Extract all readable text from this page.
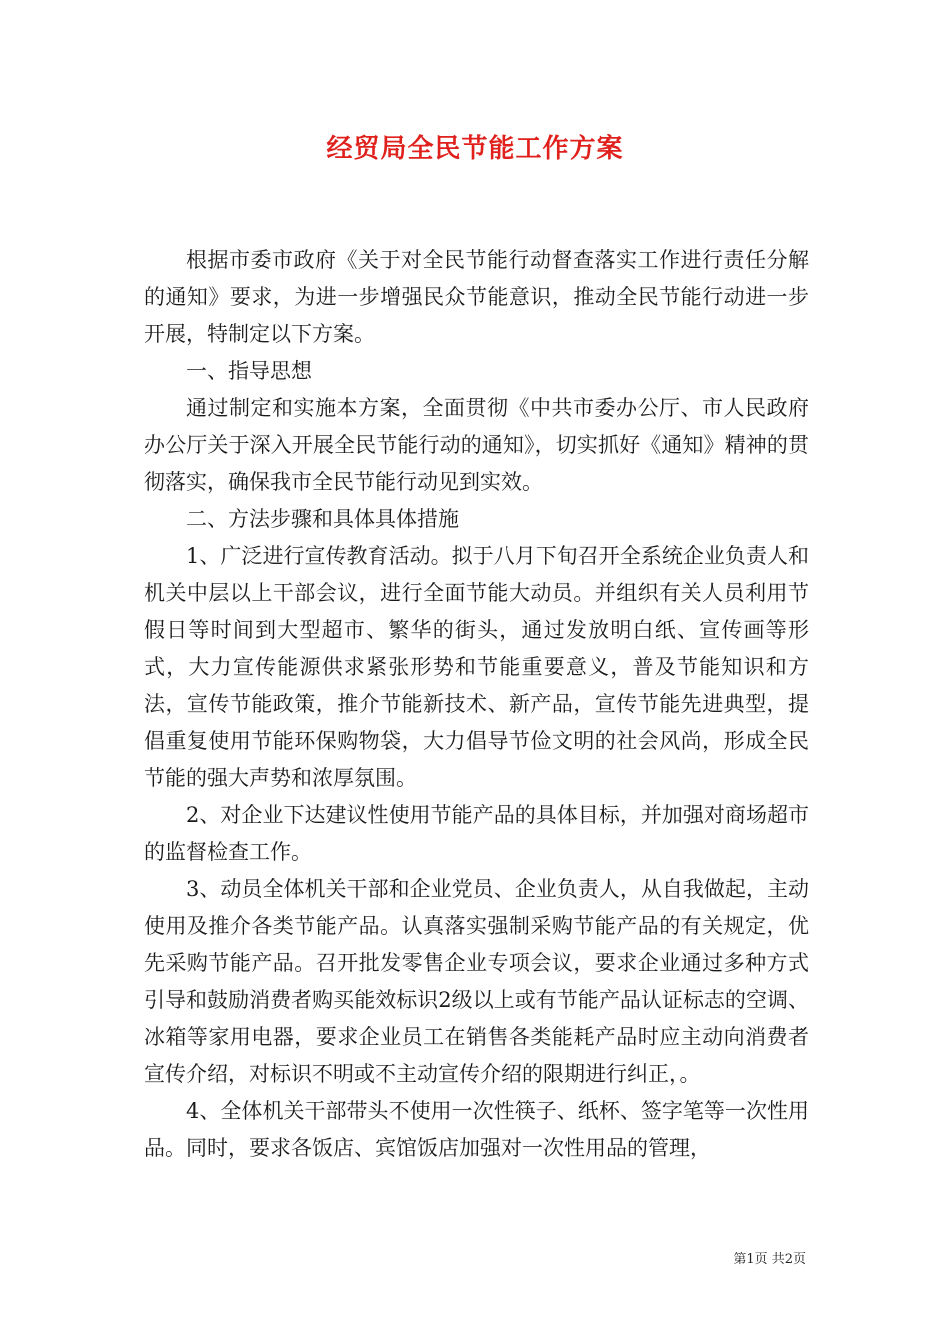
经贸局全民节能工作方案

根据市委市政府《关于对全民节能行动督查落实工作进行责任分解的通知》要求，为进一步增强民众节能意识，推动全民节能行动进一步开展，特制定以下方案。

一、指导思想

通过制定和实施本方案，全面贯彻《中共市委办公厅、市人民政府办公厅关于深入开展全民节能行动的通知》，切实抓好《通知》精神的贯彻落实，确保我市全民节能行动见到实效。

二、方法步骤和具体具体措施

1、广泛进行宣传教育活动。拟于八月下旬召开全系统企业负责人和机关中层以上干部会议，进行全面节能大动员。并组织有关人员利用节假日等时间到大型超市、繁华的街头，通过发放明白纸、宣传画等形式，大力宣传能源供求紧张形势和节能重要意义，普及节能知识和方法，宣传节能政策，推介节能新技术、新产品，宣传节能先进典型，提倡重复使用节能环保购物袋，大力倡导节俭文明的社会风尚，形成全民节能的强大声势和浓厚氛围。

2、对企业下达建议性使用节能产品的具体目标，并加强对商场超市的监督检查工作。

3、动员全体机关干部和企业党员、企业负责人，从自我做起，主动使用及推介各类节能产品。认真落实强制采购节能产品的有关规定，优先采购节能产品。召开批发零售企业专项会议，要求企业通过多种方式引导和鼓励消费者购买能效标识2级以上或有节能产品认证标志的空调、冰箱等家用电器，要求企业员工在销售各类能耗产品时应主动向消费者宣传介绍，对标识不明或不主动宣传介绍的限期进行纠正，。

4、全体机关干部带头不使用一次性筷子、纸杯、签字笔等一次性用品。同时，要求各饭店、宾馆饭店加强对一次性用品的管理，

第1页 共2页
